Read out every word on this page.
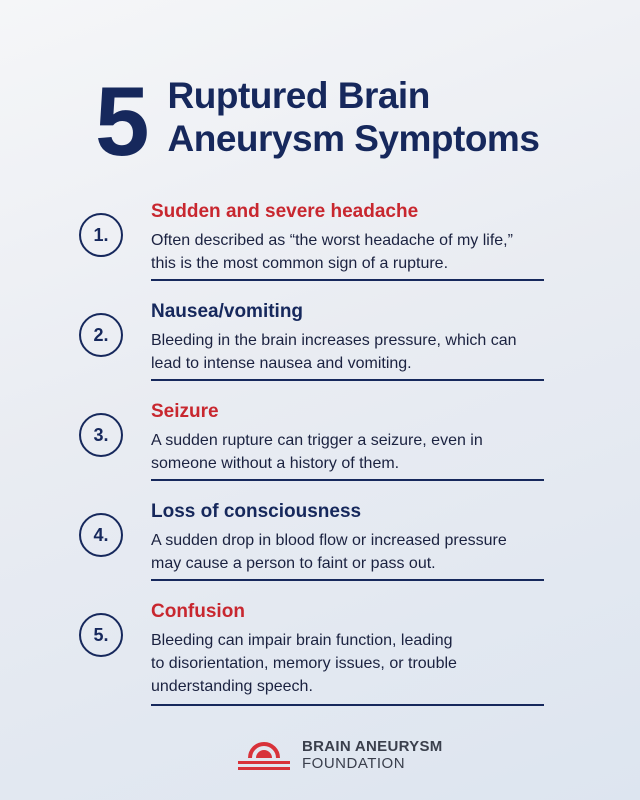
5 Ruptured Brain
Aneurysm Symptoms
1.
Sudden and severe headache
Often described as “the worst headache of my life,”
this is the most common sign of a rupture.
2.
Nausea/vomiting
Bleeding in the brain increases pressure, which can
lead to intense nausea and vomiting.
3.
Seizure
A sudden rupture can trigger a seizure, even in
someone without a history of them.
4.
Loss of consciousness
A sudden drop in blood flow or increased pressure
may cause a person to faint or pass out.
5.
Confusion
Bleeding can impair brain function, leading
to disorientation, memory issues, or trouble
understanding speech.
BRAIN ANEURYSM
FOUNDATION
